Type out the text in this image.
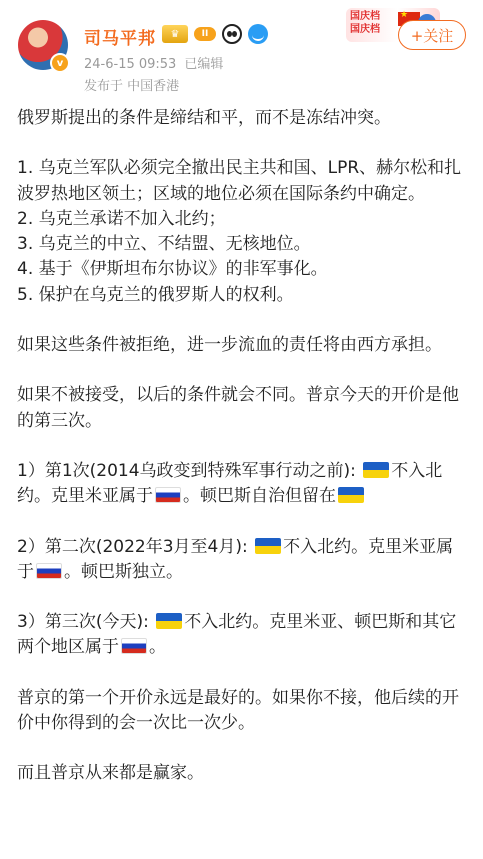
v
司马平邦	♛	II
24-6-15 09:53 已编辑
发布于 中国香港
国庆档国庆档
★	+关注

俄罗斯提出的条件是缔结和平，而不是冻结冲突。

1. 乌克兰军队必须完全撤出民主共和国、LPR、赫尔松和扎波罗热地区领土；区域的地位必须在国际条约中确定。

2. 乌克兰承诺不加入北约；

3. 乌克兰的中立、不结盟、无核地位。

4. 基于《伊斯坦布尔协议》的非军事化。

5. 保护在乌克兰的俄罗斯人的权利。

如果这些条件被拒绝，进一步流血的责任将由西方承担。

如果不被接受，以后的条件就会不同。普京今天的开价是他的第三次。

1）第1次(2014乌政变到特殊军事行动之前): 不入北约。克里米亚属于 。顿巴斯自治但留在

2）第二次(2022年3月至4月): 不入北约。克里米亚属于 。顿巴斯独立。

3）第三次(今天): 不入北约。克里米亚、顿巴斯和其它两个地区属于 。

普京的第一个开价永远是最好的。如果你不接，他后续的开价中你得到的会一次比一次少。

而且普京从来都是赢家。
